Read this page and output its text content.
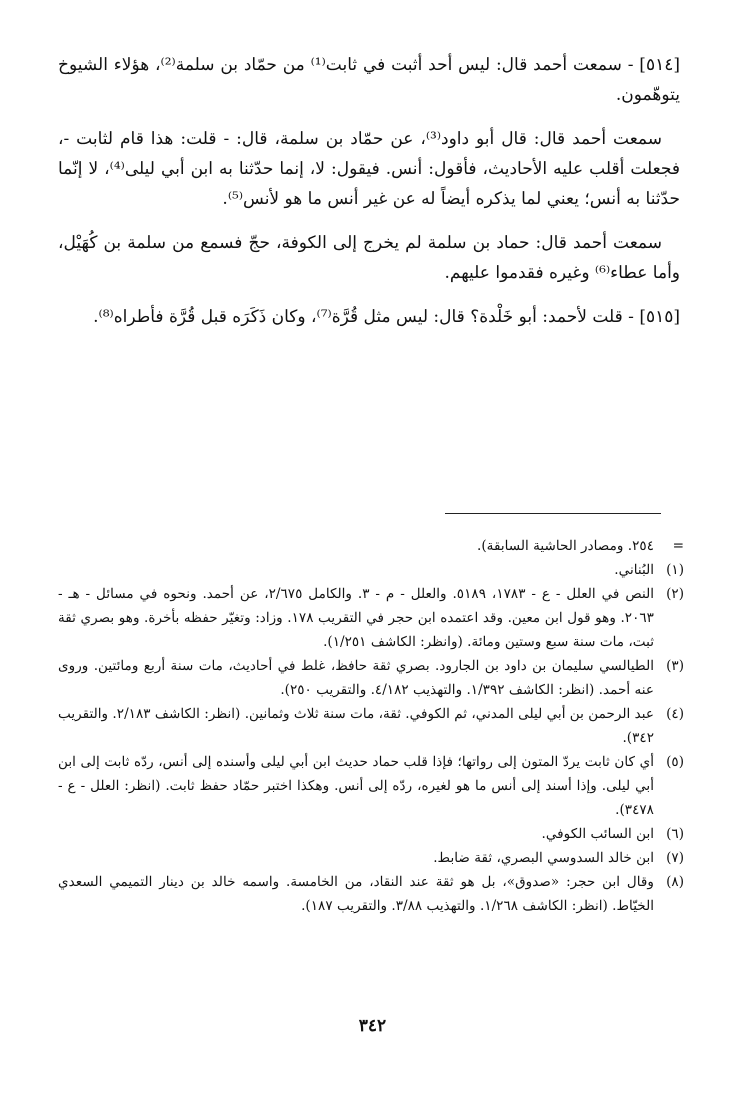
[٥١٤] - سمعت أحمد قال: ليس أحد أثبت في ثابت⁽¹⁾ من حمّاد بن سلمة⁽²⁾، هؤلاء الشيوخ يتوهّمون.

سمعت أحمد قال: قال أبو داود⁽³⁾، عن حمّاد بن سلمة، قال: - قلت: هذا قام لثابت -، فجعلت أقلب عليه الأحاديث، فأقول: أنس. فيقول: لا، إنما حدّثنا به ابن أبي ليلى⁽⁴⁾، لا إنّما حدّثنا به أنس؛ يعني لما يذكره أيضاً له عن غير أنس ما هو لأنس⁽⁵⁾.

سمعت أحمد قال: حماد بن سلمة لم يخرج إلى الكوفة، حجّ فسمع من سلمة بن كُهَيْل، وأما عطاء⁽⁶⁾ وغيره فقدموا عليهم.

[٥١٥] - قلت لأحمد: أبو خَلْدة؟ قال: ليس مثل قُرَّة⁽⁷⁾، وكان ذَكَرَه قبل قُرَّة فأطراه⁽⁸⁾.

=
٢٥٤. ومصادر الحاشية السابقة).
(١)
البُناني.
(٢)
النص في العلل - ع - ١٧٨٣، ٥١٨٩. والعلل - م - ٣. والكامل ٢/٦٧٥، عن أحمد. ونحوه في مسائل - هـ - ٢٠٦٣. وهو قول ابن معين. وقد اعتمده ابن حجر في التقريب ١٧٨. وزاد: وتغيّر حفظه بأخرة. وهو بصري ثقة ثبت، مات سنة سبع وستين ومائة. (وانظر: الكاشف ١/٢٥١).
(٣)
الطيالسي سليمان بن داود بن الجارود. بصري ثقة حافظ، غلط في أحاديث، مات سنة أربع ومائتين. وروى عنه أحمد. (انظر: الكاشف ١/٣٩٢. والتهذيب ٤/١٨٢. والتقريب ٢٥٠).
(٤)
عبد الرحمن بن أبي ليلى المدني، ثم الكوفي. ثقة، مات سنة ثلاث وثمانين. (انظر: الكاشف ٢/١٨٣. والتقريب ٣٤٢).
(٥)
أي كان ثابت يردّ المتون إلى رواتها؛ فإذا قلب حماد حديث ابن أبي ليلى وأسنده إلى أنس، ردّه ثابت إلى ابن أبي ليلى. وإذا أسند إلى أنس ما هو لغيره، ردّه إلى أنس. وهكذا اختبر حمّاد حفظ ثابت. (انظر: العلل - ع - ٣٤٧٨).
(٦)
ابن السائب الكوفي.
(٧)
ابن خالد السدوسي البصري، ثقة ضابط.
(٨)
وقال ابن حجر: «صدوق»، بل هو ثقة عند النقاد، من الخامسة. واسمه خالد بن دينار التميمي السعدي الخيّاط. (انظر: الكاشف ١/٢٦٨. والتهذيب ٣/٨٨. والتقريب ١٨٧).
٣٤٢
